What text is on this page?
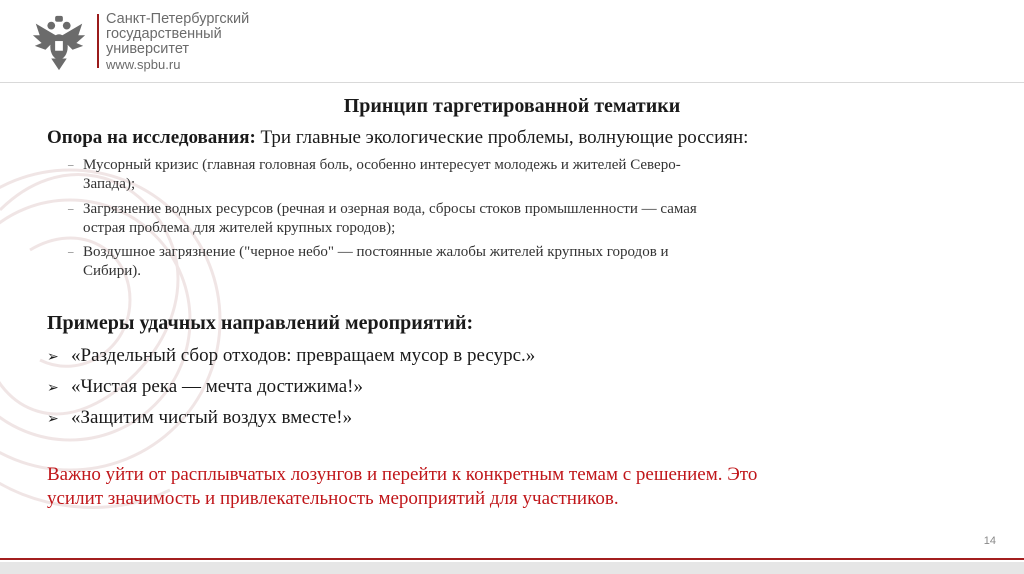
Санкт-Петербургский
государственный
университет
www.spbu.ru
Принцип таргетированной тематики
Опора на исследования: Три главные экологические проблемы, волнующие россиян:
– Мусорный кризис (главная головная боль, особенно интересует молодежь и жителей Северо-
Запада);
– Загрязнение водных ресурсов (речная и озерная вода, сбросы стоков промышленности — самая
острая проблема для жителей крупных городов);
– Воздушное загрязнение ("черное небо" — постоянные жалобы жителей крупных городов и
Сибири).
Примеры удачных направлений мероприятий:
➢ «Раздельный сбор отходов: превращаем мусор в ресурс.»
➢ «Чистая река — мечта достижима!»
➢ «Защитим чистый воздух вместе!»
Важно уйти от расплывчатых лозунгов и перейти к конкретным темам с решением. Это
усилит значимость и привлекательность мероприятий для участников.
14
